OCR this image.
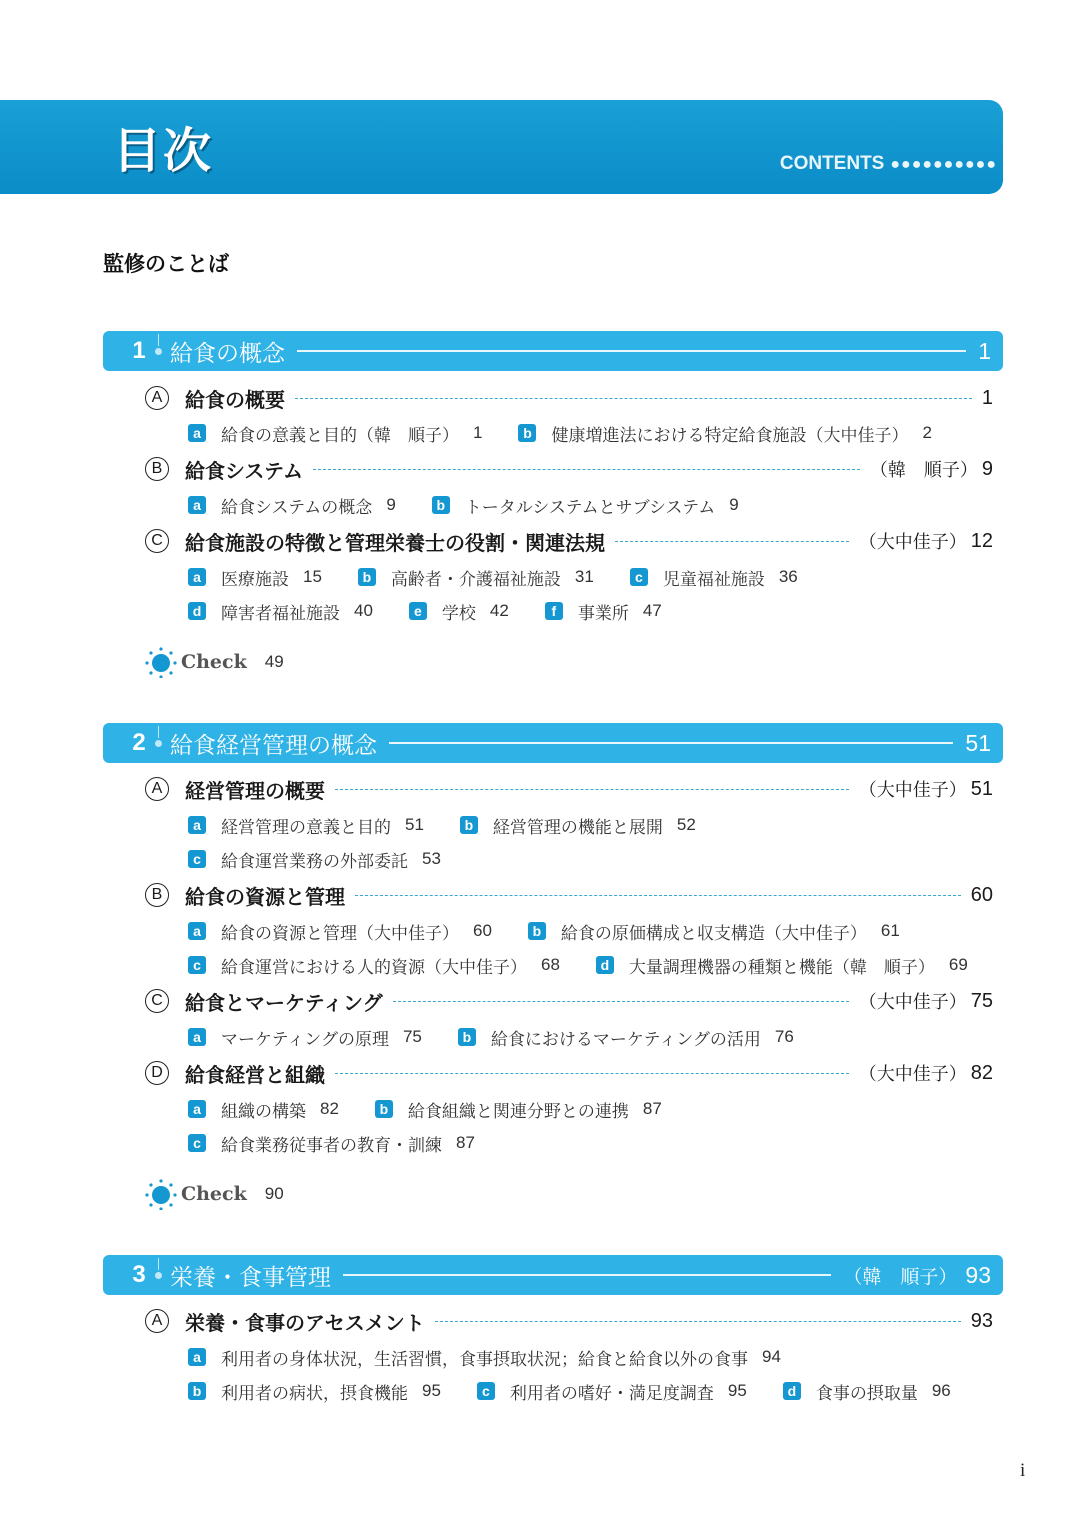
目次	CONTENTS ●●●●●●●●●●
監修のことば
1 給食の概念	1
A	給食の概要	1
a	給食の意義と目的（韓　順子） 1	b 健康増進法における特定給食施設（大中佳子） 2
B	給食システム	（韓　順子） 9
a	給食システムの概念 9	b トータルシステムとサブシステム 9
C	給食施設の特徴と管理栄養士の役割・関連法規	（大中佳子） 12
a	医療施設 15	b 高齢者・介護福祉施設 31	c	児童福祉施設 36
d 障害者福祉施設 40	e	学校 42	f	事業所 47
Check 49
2 給食経営管理の概念	51
A	経営管理の概要	（大中佳子） 51
a	経営管理の意義と目的 51	b 経営管理の機能と展開 52
c	給食運営業務の外部委託 53
B	給食の資源と管理	60
a	給食の資源と管理（大中佳子） 60	b 給食の原価構成と収支構造（大中佳子） 61
c	給食運営における人的資源（大中佳子） 68	d 大量調理機器の種類と機能（韓　順子） 69
C	給食とマーケティング	（大中佳子） 75
a	マーケティングの原理 75	b 給食におけるマーケティングの活用 76
D	給食経営と組織	（大中佳子） 82
a	組織の構築 82	b 給食組織と関連分野との連携 87
c	給食業務従事者の教育・訓練 87
Check 90
3 栄養・食事管理	（韓　順子） 93
A	栄養・食事のアセスメント	93
a	利用者の身体状況，生活習慣，食事摂取状況；給食と給食以外の食事 94
b 利用者の病状，摂食機能 95	c	利用者の嗜好・満足度調査 95	d 食事の摂取量 96
i
